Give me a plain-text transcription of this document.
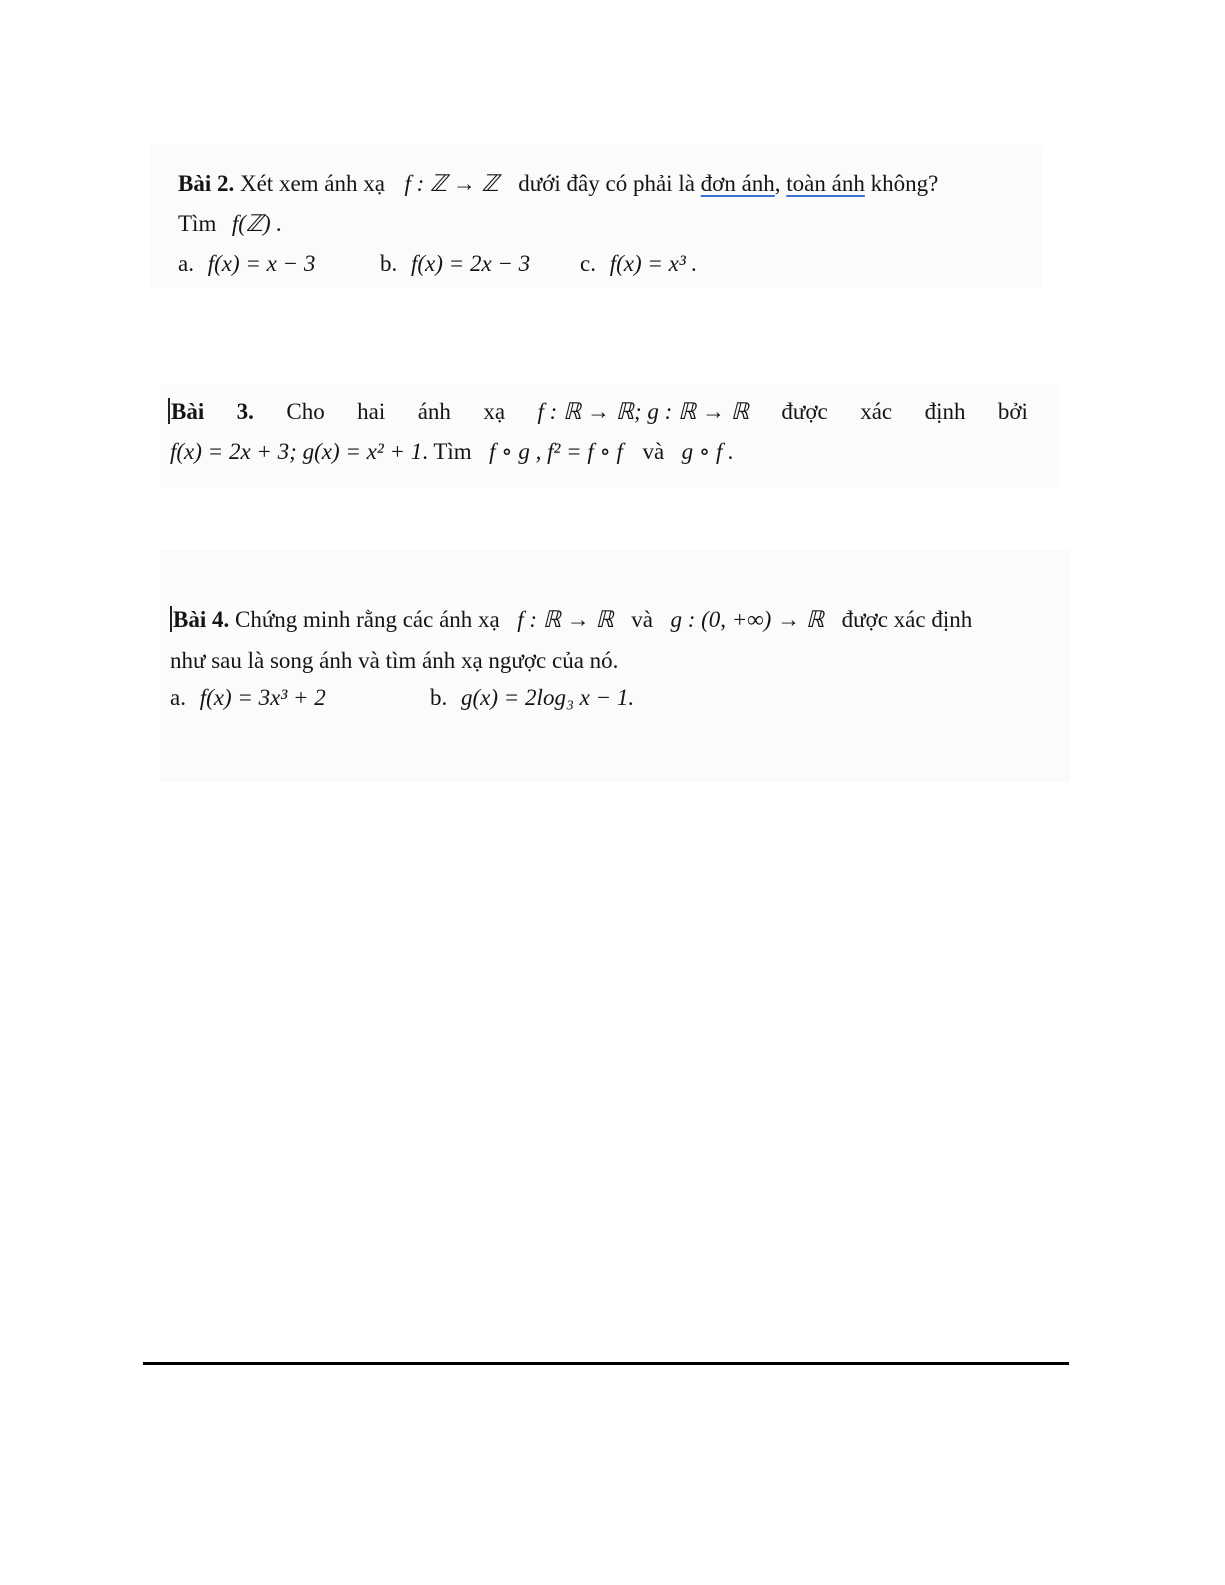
Bài 2. Xét xem ánh xạ f : ℤ → ℤ dưới đây có phải là đơn ánh, toàn ánh không?
Tìm f(ℤ) .
a. f(x) = x − 3	b. f(x) = 2x − 3 c. f(x) = x³ .
Bài 3. Cho hai ánh xạ f : ℝ → ℝ; g : ℝ → ℝ được xác định bởi
f(x) = 2x + 3; g(x) = x² + 1. Tìm f ∘ g , f² = f ∘ f và g ∘ f .
Bài 4. Chứng minh rằng các ánh xạ f : ℝ → ℝ và g : (0, +∞) → ℝ được xác định
như sau là song ánh và tìm ánh xạ ngược của nó.
a. f(x) = 3x³ + 2	b. g(x) = 2log₃ x − 1.
